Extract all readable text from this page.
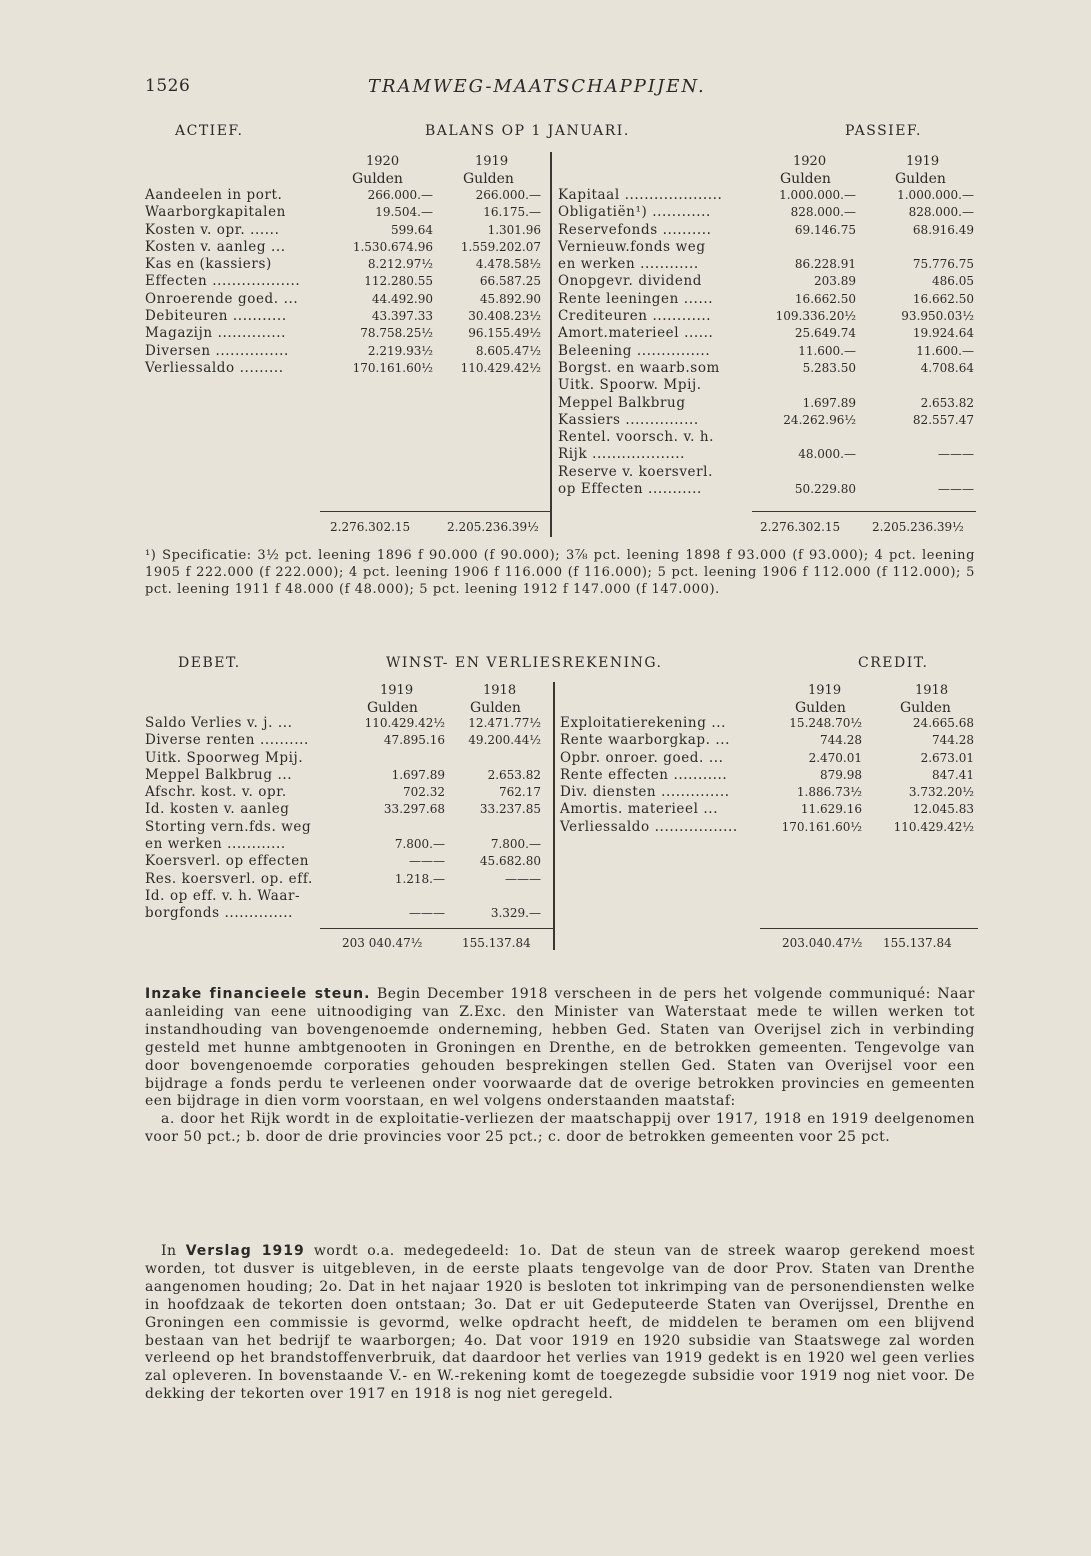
1526	TRAMWEG-MAATSCHAPPIJEN.
ACTIEF.	BALANS OP 1 JANUARI.	PASSIEF.
1920	1919
Gulden	Gulden
1920	1919
Gulden	Gulden
Aandeelen in port.	266.000.—	266.000.—
Waarborgkapitalen	19.504.—	16.175.—
Kosten v. opr. ......	599.64	1.301.96
Kosten v. aanleg ...	1.530.674.96 1.559.202.07
Kas en (kassiers)	8.212.97½	4.478.58½
Effecten ..................	112.280.55	66.587.25
Onroerende goed. ...	44.492.90	45.892.90
Debiteuren ...........	43.397.33	30.408.23½
Magazijn ..............	78.758.25½	96.155.49½
Diversen ...............	2.219.93½	8.605.47½
Verliessaldo .........	170.161.60½ 110.429.42½
Kapitaal ....................	1.000.000.—	1.000.000.—
Obligatiën¹) ............	828.000.—	828.000.—
Reservefonds ..........	69.146.75	68.916.49
Vernieuw.fonds weg
en werken ............	86.228.91	75.776.75
Onopgevr. dividend	203.89	486.05
Rente leeningen ......	16.662.50	16.662.50
Crediteuren ............	109.336.20½	93.950.03½
Amort.materieel ......	25.649.74	19.924.64
Beleening ...............	11.600.—	11.600.—
Borgst. en waarb.som	5.283.50	4.708.64
Uitk. Spoorw. Mpij.
Meppel Balkbrug	1.697.89	2.653.82
Kassiers ...............	24.262.96½	82.557.47
Rentel. voorsch. v. h.
Rijk ...................	48.000.—	———
Reserve v. koersverl.
op Effecten ...........	50.229.80	———
2.276.302.15	2.205.236.39½	2.276.302.15	2.205.236.39½

¹) Specificatie: 3½ pct. leening 1896 f 90.000 (f 90.000); 3⅞ pct. leening 1898 f 93.000 (f 93.000); 4 pct. leening 1905 f 222.000 (f 222.000); 4 pct. leening 1906 f 116.000 (f 116.000); 5 pct. leening 1906 f 112.000 (f 112.000); 5 pct. leening 1911 f 48.000 (f 48.000); 5 pct. leening 1912 f 147.000 (f 147.000).

DEBET.	WINST- EN VERLIESREKENING.	CREDIT.
1919	1918
Gulden	Gulden
1919	1918
Gulden	Gulden
Saldo Verlies v. j. ...	110.429.42½ 12.471.77½
Diverse renten ..........	47.895.16 49.200.44½
Uitk. Spoorweg Mpij.
Meppel Balkbrug ...	1.697.89	2.653.82
Afschr. kost. v. opr.	702.32	762.17
Id. kosten v. aanleg	33.297.68	33.237.85
Storting vern.fds. weg
en werken ............	7.800.—	7.800.—
Koersverl. op effecten	———	45.682.80
Res. koersverl. op. eff.	1.218.—	———
Id. op eff. v. h. Waar-
borgfonds ..............	———	3.329.—
Exploitatierekening ...	15.248.70½	24.665.68
Rente waarborgkap. ...	744.28	744.28
Opbr. onroer. goed. ...	2.470.01	2.673.01
Rente effecten ...........	879.98	847.41
Div. diensten ..............	1.886.73½	3.732.20½
Amortis. materieel ...	11.629.16	12.045.83
Verliessaldo .................	170.161.60½	110.429.42½
203 040.47½	155.137.84	203.040.47½ 155.137.84

Inzake financieele steun. Begin December 1918 verscheen in de pers het volgende communiqué: Naar aanleiding van eene uitnoodiging van Z.Exc. den Minister van Waterstaat mede te willen werken tot instandhouding van bovengenoemde onderneming, hebben Ged. Staten van Overijsel zich in verbinding gesteld met hunne ambtgenooten in Groningen en Drenthe, en de betrokken gemeenten. Tengevolge van door bovengenoemde corporaties gehouden besprekingen stellen Ged. Staten van Overijsel voor een bijdrage a fonds perdu te verleenen onder voorwaarde dat de overige betrokken provincies en gemeenten een bijdrage in dien vorm voorstaan, en wel volgens onderstaanden maatstaf:

a. door het Rijk wordt in de exploitatie-verliezen der maatschappij over 1917, 1918 en 1919 deelgenomen voor 50 pct.; b. door de drie provincies voor 25 pct.; c. door de betrokken gemeenten voor 25 pct.

In Verslag 1919 wordt o.a. medegedeeld: 1o. Dat de steun van de streek waarop gerekend moest worden, tot dusver is uitgebleven, in de eerste plaats tengevolge van de door Prov. Staten van Drenthe aangenomen houding; 2o. Dat in het najaar 1920 is besloten tot inkrimping van de personendiensten welke in hoofdzaak de tekorten doen ontstaan; 3o. Dat er uit Gedeputeerde Staten van Overijssel, Drenthe en Groningen een commissie is gevormd, welke opdracht heeft, de middelen te beramen om een blijvend bestaan van het bedrijf te waarborgen; 4o. Dat voor 1919 en 1920 subsidie van Staatswege zal worden verleend op het brandstoffenverbruik, dat daardoor het verlies van 1919 gedekt is en 1920 wel geen verlies zal opleveren. In bovenstaande V.- en W.-rekening komt de toegezegde subsidie voor 1919 nog niet voor. De dekking der tekorten over 1917 en 1918 is nog niet geregeld.
